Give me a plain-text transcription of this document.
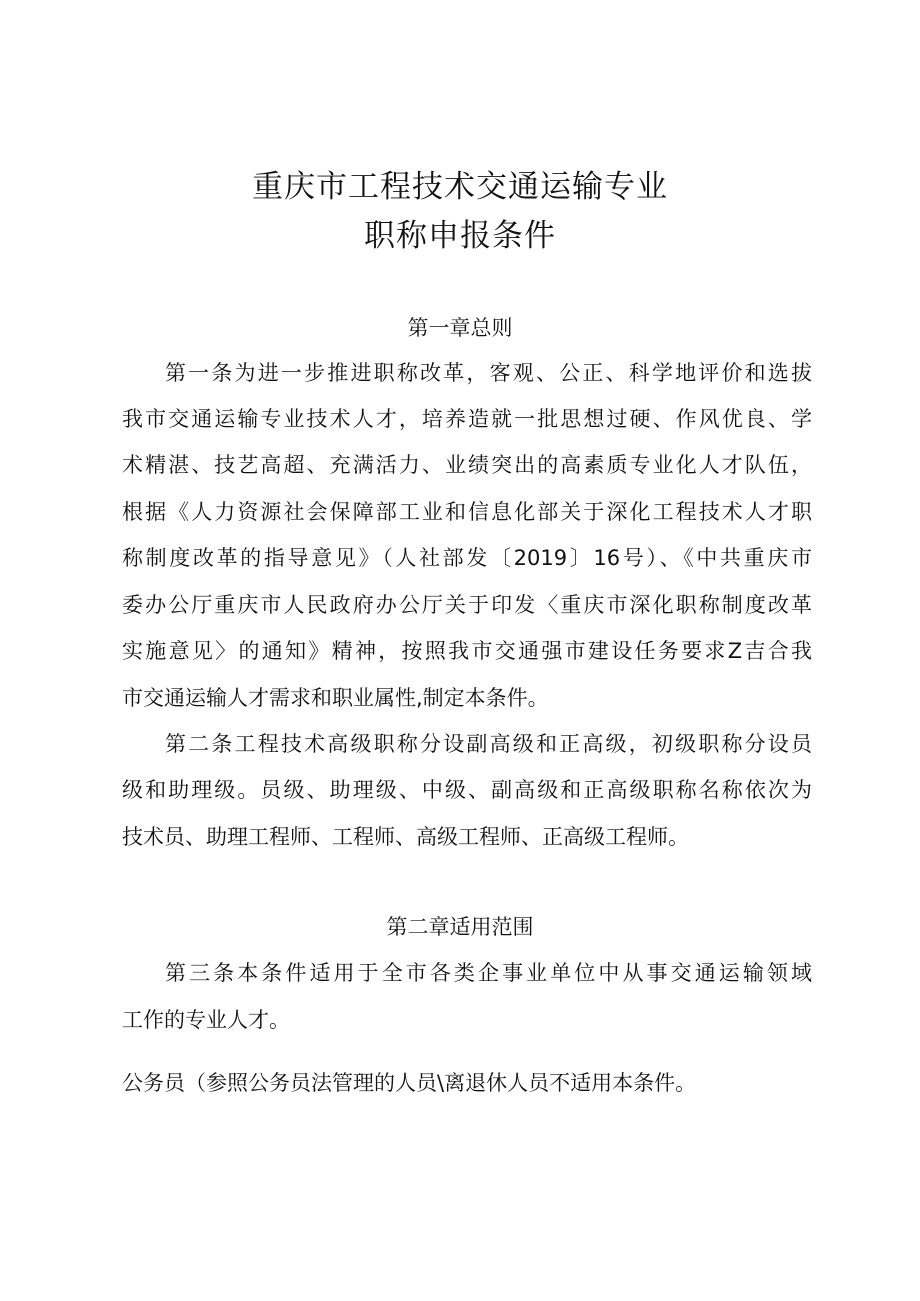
重庆市工程技术交通运输专业
职称申报条件
第一章总则
第一条为进一步推进职称改革，客观、公正、科学地评价和选拔
我市交通运输专业技术人才，培养造就一批思想过硬、作风优良、学
术精湛、技艺高超、充满活力、业绩突出的高素质专业化人才队伍，
根据《人力资源社会保障部工业和信息化部关于深化工程技术人才职
称制度改革的指导意见》（人社部发〔2019〕16号）、《中共重庆市
委办公厅重庆市人民政府办公厅关于印发〈重庆市深化职称制度改革
实施意见〉的通知》精神，按照我市交通强市建设任务要求Z吉合我
市交通运输人才需求和职业属性,制定本条件。
第二条工程技术高级职称分设副高级和正高级，初级职称分设员
级和助理级。员级、助理级、中级、副高级和正高级职称名称依次为
技术员、助理工程师、工程师、高级工程师、正高级工程师。
第二章适用范围
第三条本条件适用于全市各类企事业单位中从事交通运输领域
工作的专业人才。
公务员（参照公务员法管理的人员\离退休人员不适用本条件。
